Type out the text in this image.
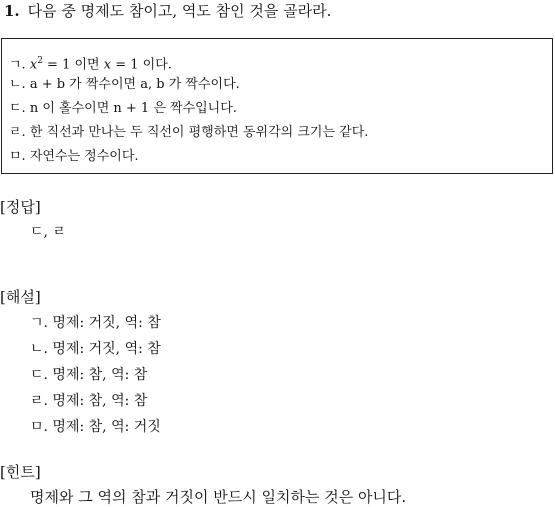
1. 다음 중 명제도 참이고, 역도 참인 것을 골라라.
ㄱ. $x^2 = 1$ 이면 x = 1 이다.
ㄴ. a + b 가 짝수이면 a, b 가 짝수이다.
ㄷ. n 이 홀수이면 n + 1 은 짝수입니다.
ㄹ. 한 직선과 만나는 두 직선이 평행하면 동위각의 크기는 같다.
ㅁ. 자연수는 정수이다.
[정답]
ㄷ, ㄹ
[해설]
ㄱ. 명제: 거짓, 역: 참
ㄴ. 명제: 거짓, 역: 참
ㄷ. 명제: 참, 역: 참
ㄹ. 명제: 참, 역: 참
ㅁ. 명제: 참, 역: 거짓
[힌트]
명제와 그 역의 참과 거짓이 반드시 일치하는 것은 아니다.
